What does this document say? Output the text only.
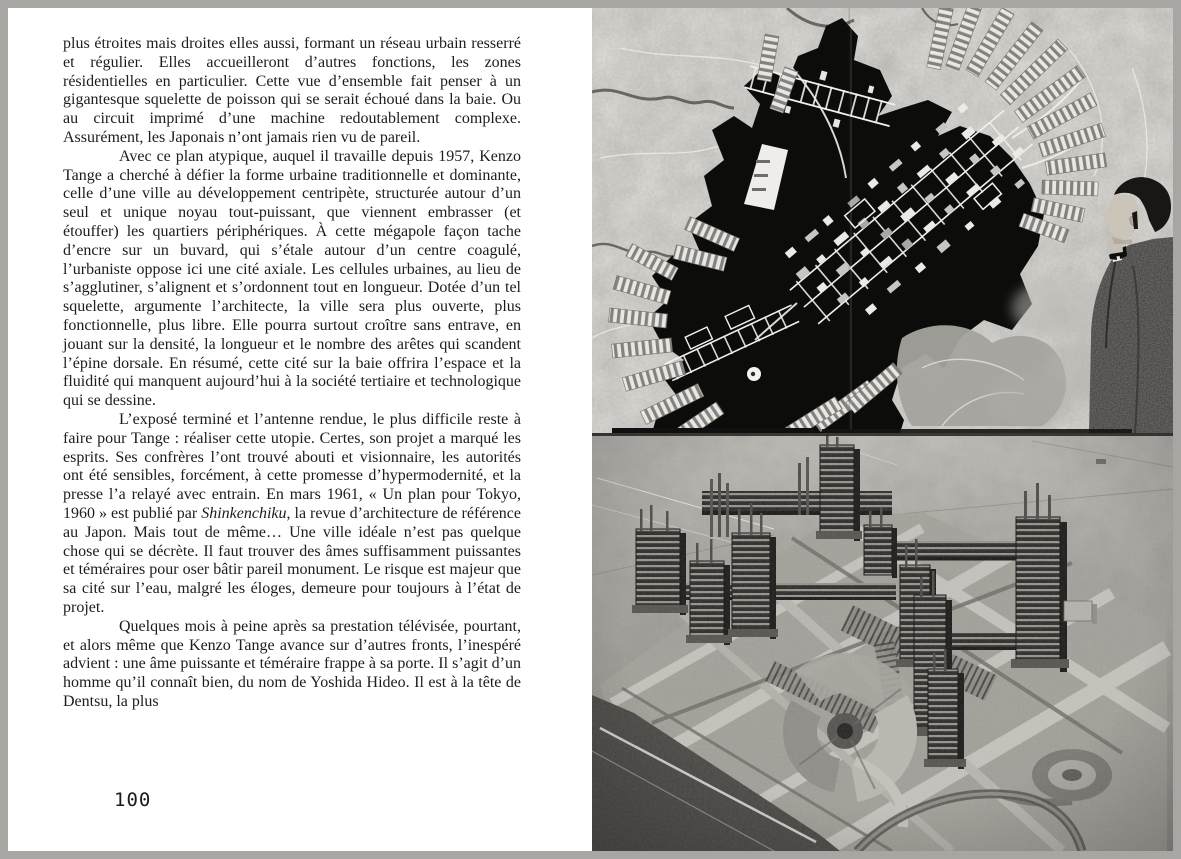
plus étroites mais droites elles aussi, formant un réseau urbain resserré et régulier. Elles accueilleront d’autres fonctions, les zones résidentielles en particulier. Cette vue d’ensemble fait penser à un gigantesque squelette de poisson qui se serait échoué dans la baie. Ou au circuit imprimé d’une machine redoutablement complexe. Assurément, les Japonais n’ont jamais rien vu de pareil.

Avec ce plan atypique, auquel il travaille depuis 1957, Kenzo Tange a cherché à défier la forme urbaine traditionnelle et dominante, celle d’une ville au développement centripète, structurée autour d’un seul et unique noyau tout-puissant, que viennent embrasser (et étouffer) les quartiers périphériques. À cette mégapole façon tache d’encre sur un buvard, qui s’étale autour d’un centre coagulé, l’urbaniste oppose ici une cité axiale. Les cellules urbaines, au lieu de s’agglutiner, s’alignent et s’ordonnent tout en longueur. Dotée d’un tel squelette, argumente l’architecte, la ville sera plus ouverte, plus fonctionnelle, plus libre. Elle pourra surtout croître sans entrave, en jouant sur la densité, la longueur et le nombre des arêtes qui scandent l’épine dorsale. En résumé, cette cité sur la baie offrira l’espace et la fluidité qui manquent aujourd’hui à la société tertiaire et technologique qui se dessine.

L’exposé terminé et l’antenne rendue, le plus difficile reste à faire pour Tange : réaliser cette utopie. Certes, son projet a marqué les esprits. Ses confrères l’ont trouvé abouti et visionnaire, les autorités ont été sensibles, forcément, à cette promesse d’hypermodernité, et la presse l’a relayé avec entrain. En mars 1961, « Un plan pour Tokyo, 1960 » est publié par Shinkenchiku, la revue d’architecture de référence au Japon. Mais tout de même… Une ville idéale n’est pas quelque chose qui se décrète. Il faut trouver des âmes suffisamment puissantes et téméraires pour oser bâtir pareil monument. Le risque est majeur que sa cité sur l’eau, malgré les éloges, demeure pour toujours à l’état de projet.

Quelques mois à peine après sa prestation télévisée, pourtant, et alors même que Kenzo Tange avance sur d’autres fronts, l’inespéré advient : une âme puissante et téméraire frappe à sa porte. Il s’agit d’un homme qu’il connaît bien, du nom de Yoshida Hideo. Il est à la tête de Dentsu, la plus

100
